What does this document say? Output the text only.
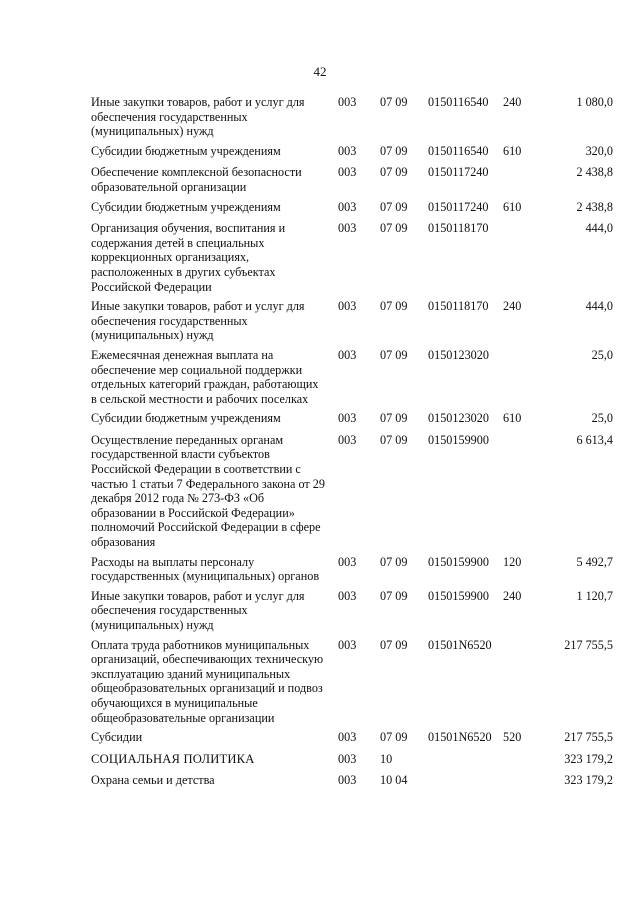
42
Иные закупки товаров, работ и услуг для обеспечения государственных (муниципальных) нужд
003 07 09 0150116540 240	1 080,0
Субсидии бюджетным учреждениям	003 07 09 0150116540 610	320,0
Обеспечение комплексной безопасности образовательной организации
003 07 09 0150117240	2 438,8
Субсидии бюджетным учреждениям	003 07 09 0150117240 610	2 438,8
Организация обучения, воспитания и содержания детей в специальных коррекционных организациях, расположенных в других субъектах Российской Федерации
003 07 09 0150118170	444,0
Иные закупки товаров, работ и услуг для обеспечения государственных (муниципальных) нужд
003 07 09 0150118170 240	444,0
Ежемесячная денежная выплата на обеспечение мер социальной поддержки отдельных категорий граждан, работающих в сельской местности и рабочих поселках
003 07 09 0150123020	25,0
Субсидии бюджетным учреждениям	003 07 09 0150123020 610	25,0
Осуществление переданных органам государственной власти субъектов Российской Федерации в соответствии с частью 1 статьи 7 Федерального закона от 29 декабря 2012 года № 273-ФЗ «Об образовании в Российской Федерации» полномочий Российской Федерации в сфере образования
003 07 09 0150159900	6 613,4
Расходы на выплаты персоналу государственных (муниципальных) органов
003 07 09 0150159900 120	5 492,7
Иные закупки товаров, работ и услуг для обеспечения государственных (муниципальных) нужд
003 07 09 0150159900 240	1 120,7
Оплата труда работников муниципальных организаций, обеспечивающих техническую эксплуатацию зданий муниципальных общеобразовательных организаций и подвоз обучающихся в муниципальные общеобразовательные организации
003 07 09 01501N6520	217 755,5
Субсидии	003 07 09 01501N6520 520	217 755,5
СОЦИАЛЬНАЯ ПОЛИТИКА	003 10	323 179,2
Охрана семьи и детства	003 10 04	323 179,2
